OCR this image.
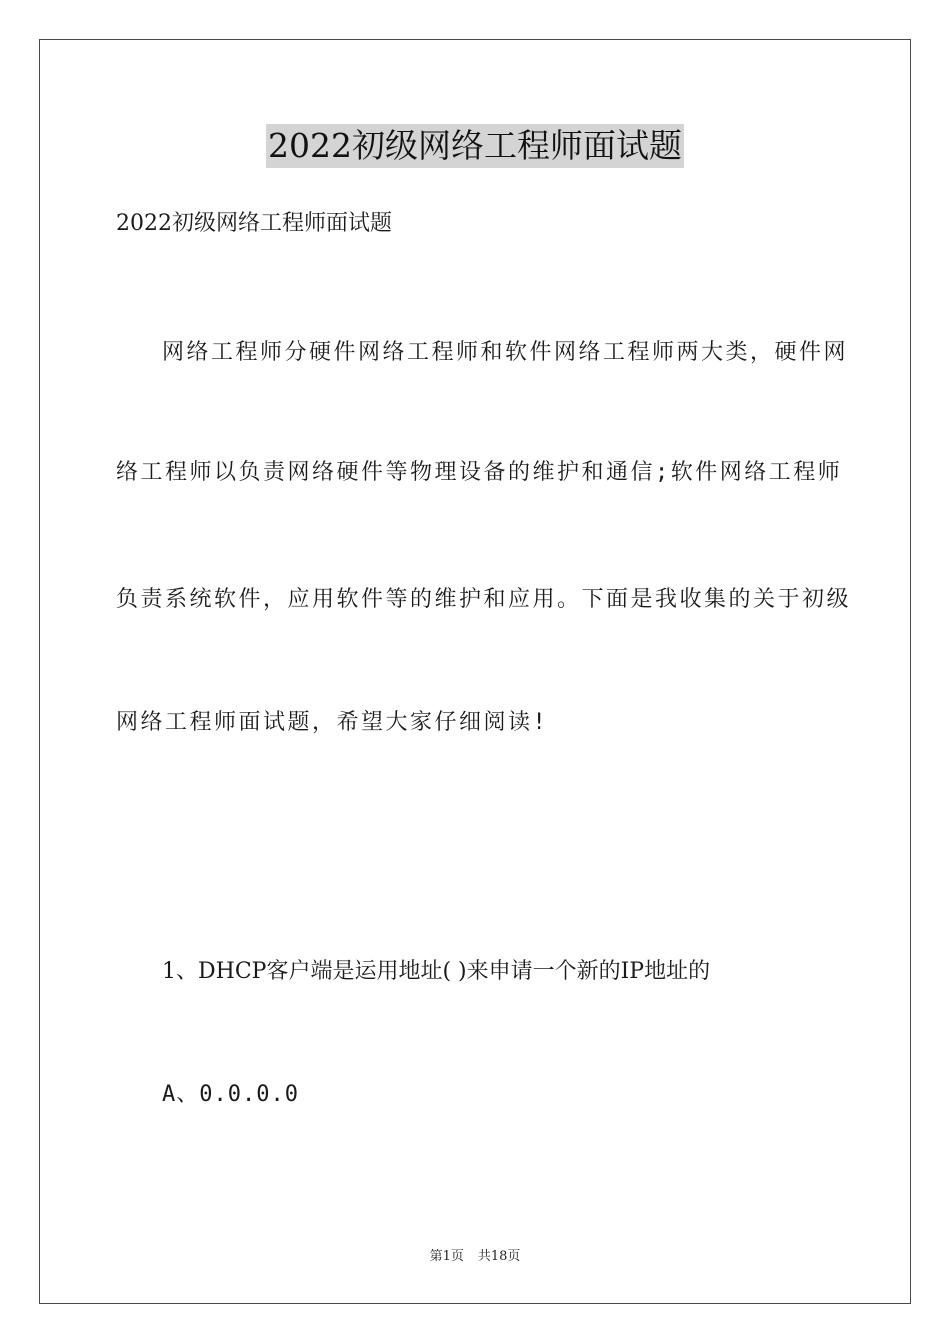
2022初级网络工程师面试题
2022初级网络工程师面试题
网络工程师分硬件网络工程师和软件网络工程师两大类，硬件网
络工程师以负责网络硬件等物理设备的维护和通信;软件网络工程师
负责系统软件，应用软件等的维护和应用。下面是我收集的关于初级
网络工程师面试题，希望大家仔细阅读!
1、DHCP客户端是运用地址( )来申请一个新的IP地址的
A、0.0.0.0
第1页 共18页
